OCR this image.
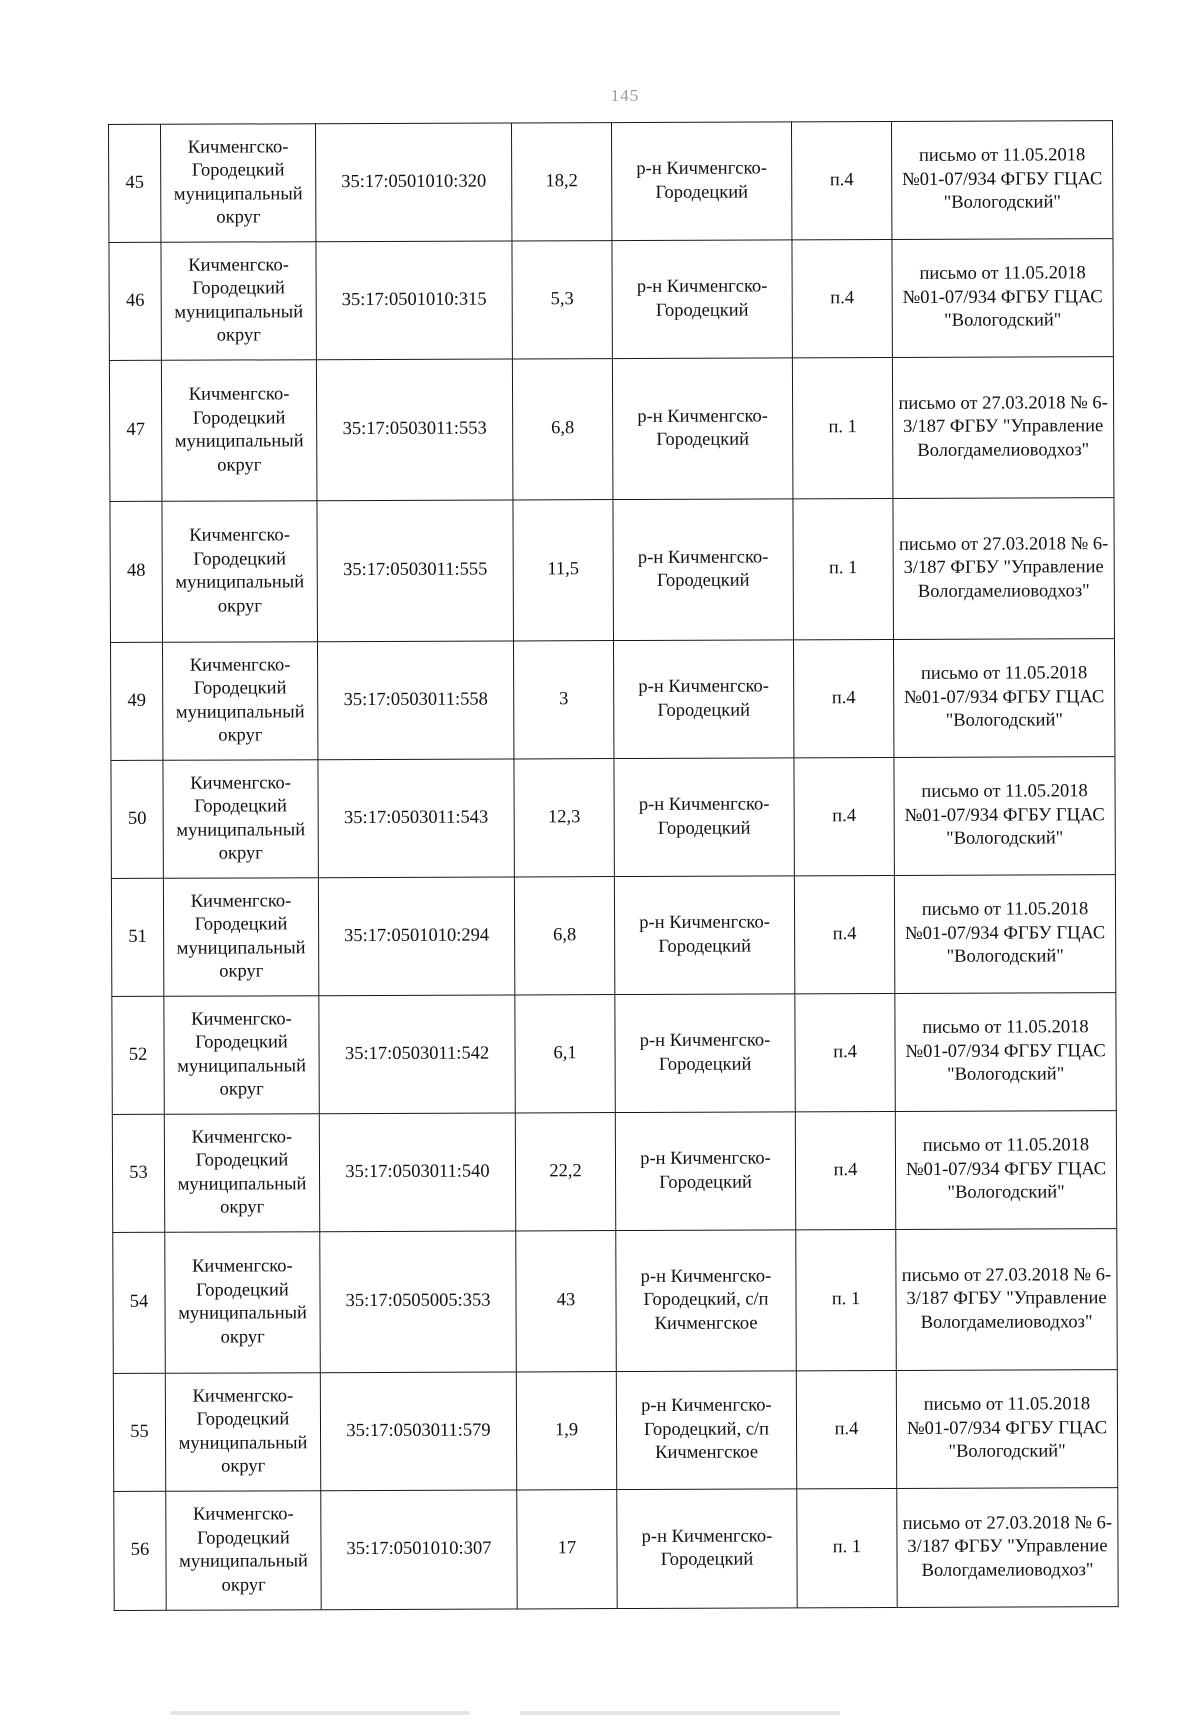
145
45	Кичменгско-Городецкий муниципальный округ	35:17:0501010:320	18,2	р-н Кичменгско-Городецкий	п.4	письмо от 11.05.2018 №01-07/934 ФГБУ ГЦАС "Вологодский"
46	Кичменгско-Городецкий муниципальный округ	35:17:0501010:315	5,3	р-н Кичменгско-Городецкий	п.4	письмо от 11.05.2018 №01-07/934 ФГБУ ГЦАС "Вологодский"
47	Кичменгско-Городецкий муниципальный округ	35:17:0503011:553	6,8	р-н Кичменгско-Городецкий	п. 1	письмо от 27.03.2018 № 6-3/187 ФГБУ "Управление Вологдамелиоводхоз"
48	Кичменгско-Городецкий муниципальный округ	35:17:0503011:555	11,5	р-н Кичменгско-Городецкий	п. 1	письмо от 27.03.2018 № 6-3/187 ФГБУ "Управление Вологдамелиоводхоз"
49	Кичменгско-Городецкий муниципальный округ	35:17:0503011:558	3	р-н Кичменгско-Городецкий	п.4	письмо от 11.05.2018 №01-07/934 ФГБУ ГЦАС "Вологодский"
50	Кичменгско-Городецкий муниципальный округ	35:17:0503011:543	12,3	р-н Кичменгско-Городецкий	п.4	письмо от 11.05.2018 №01-07/934 ФГБУ ГЦАС "Вологодский"
51	Кичменгско-Городецкий муниципальный округ	35:17:0501010:294	6,8	р-н Кичменгско-Городецкий	п.4	письмо от 11.05.2018 №01-07/934 ФГБУ ГЦАС "Вологодский"
52	Кичменгско-Городецкий муниципальный округ	35:17:0503011:542	6,1	р-н Кичменгско-Городецкий	п.4	письмо от 11.05.2018 №01-07/934 ФГБУ ГЦАС "Вологодский"
53	Кичменгско-Городецкий муниципальный округ	35:17:0503011:540	22,2	р-н Кичменгско-Городецкий	п.4	письмо от 11.05.2018 №01-07/934 ФГБУ ГЦАС "Вологодский"
54	Кичменгско-Городецкий муниципальный округ	35:17:0505005:353	43	р-н Кичменгско-Городецкий, с/п Кичменгское	п. 1	письмо от 27.03.2018 № 6-3/187 ФГБУ "Управление Вологдамелиоводхоз"
55	Кичменгско-Городецкий муниципальный округ	35:17:0503011:579	1,9	р-н Кичменгско-Городецкий, с/п Кичменгское	п.4	письмо от 11.05.2018 №01-07/934 ФГБУ ГЦАС "Вологодский"
56	Кичменгско-Городецкий муниципальный округ	35:17:0501010:307	17	р-н Кичменгско-Городецкий	п. 1	письмо от 27.03.2018 № 6-3/187 ФГБУ "Управление Вологдамелиоводхоз"
